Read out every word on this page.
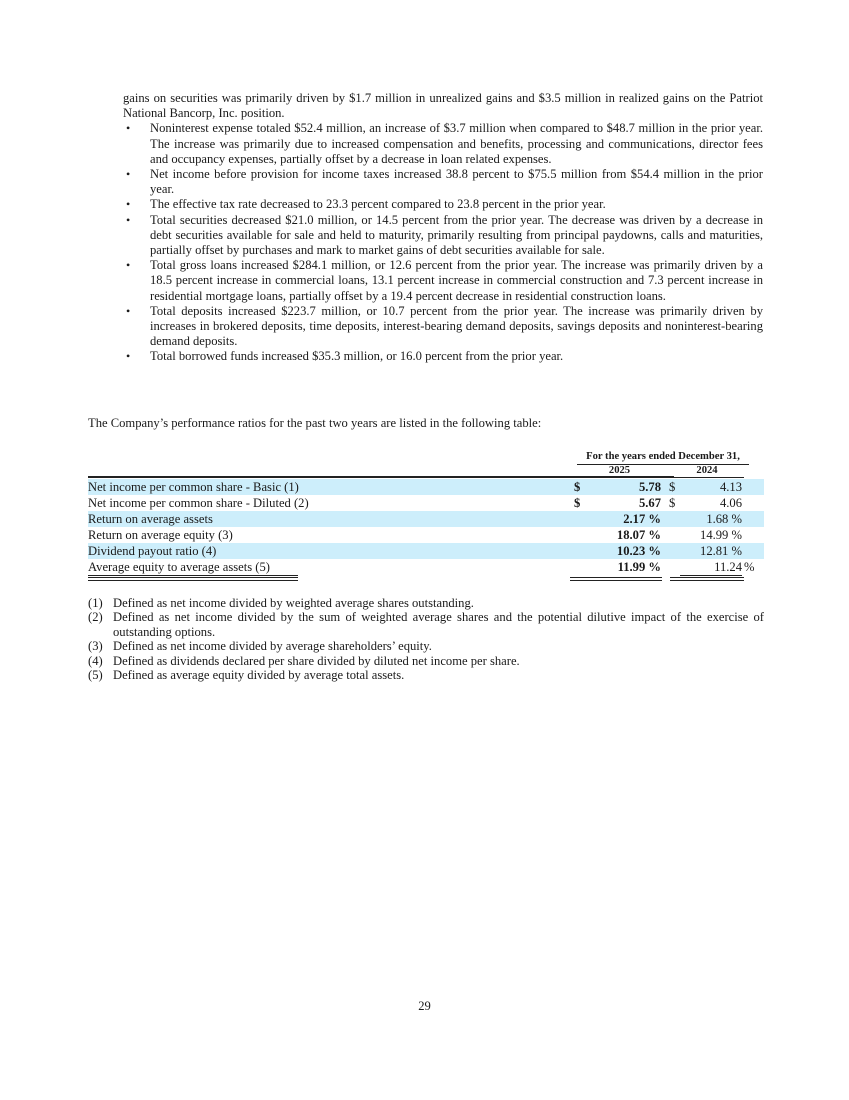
gains on securities was primarily driven by $1.7 million in unrealized gains and $3.5 million in realized gains on the Patriot National Bancorp, Inc. position.

• Noninterest expense totaled $52.4 million, an increase of $3.7 million when compared to $48.7 million in the prior year. The increase was primarily due to increased compensation and benefits, processing and communications, director fees and occupancy expenses, partially offset by a decrease in loan related expenses.
• Net income before provision for income taxes increased 38.8 percent to $75.5 million from $54.4 million in the prior year.
• The effective tax rate decreased to 23.3 percent compared to 23.8 percent in the prior year.
• Total securities decreased $21.0 million, or 14.5 percent from the prior year. The decrease was driven by a decrease in debt securities available for sale and held to maturity, primarily resulting from principal paydowns, calls and maturities, partially offset by purchases and mark to market gains of debt securities available for sale.
• Total gross loans increased $284.1 million, or 12.6 percent from the prior year. The increase was primarily driven by a 18.5 percent increase in commercial loans, 13.1 percent increase in commercial construction and 7.3 percent increase in residential mortgage loans, partially offset by a 19.4 percent decrease in residential construction loans.
• Total deposits increased $223.7 million, or 10.7 percent from the prior year. The increase was primarily driven by increases in brokered deposits, time deposits, interest-bearing demand deposits, savings deposits and noninterest-bearing demand deposits.
• Total borrowed funds increased $35.3 million, or 16.0 percent from the prior year.

The Company’s performance ratios for the past two years are listed in the following table:

For the years ended December 31,
2025	2024
Net income per common share - Basic (1)	$	5.78 $	4.13
Net income per common share - Diluted (2)	$	5.67 $	4.06
Return on average assets	2.17 %	1.68 %
Return on average equity (3)	18.07 %	14.99 %
Dividend payout ratio (4)	10.23 %	12.81 %
Average equity to average assets (5)	11.99 %	11.24 %
(1) Defined as net income divided by weighted average shares outstanding.
(2) Defined as net income divided by the sum of weighted average shares and the potential dilutive impact of the exercise of outstanding options.
(3) Defined as net income divided by average shareholders’ equity.
(4) Defined as dividends declared per share divided by diluted net income per share.
(5) Defined as average equity divided by average total assets.
29
